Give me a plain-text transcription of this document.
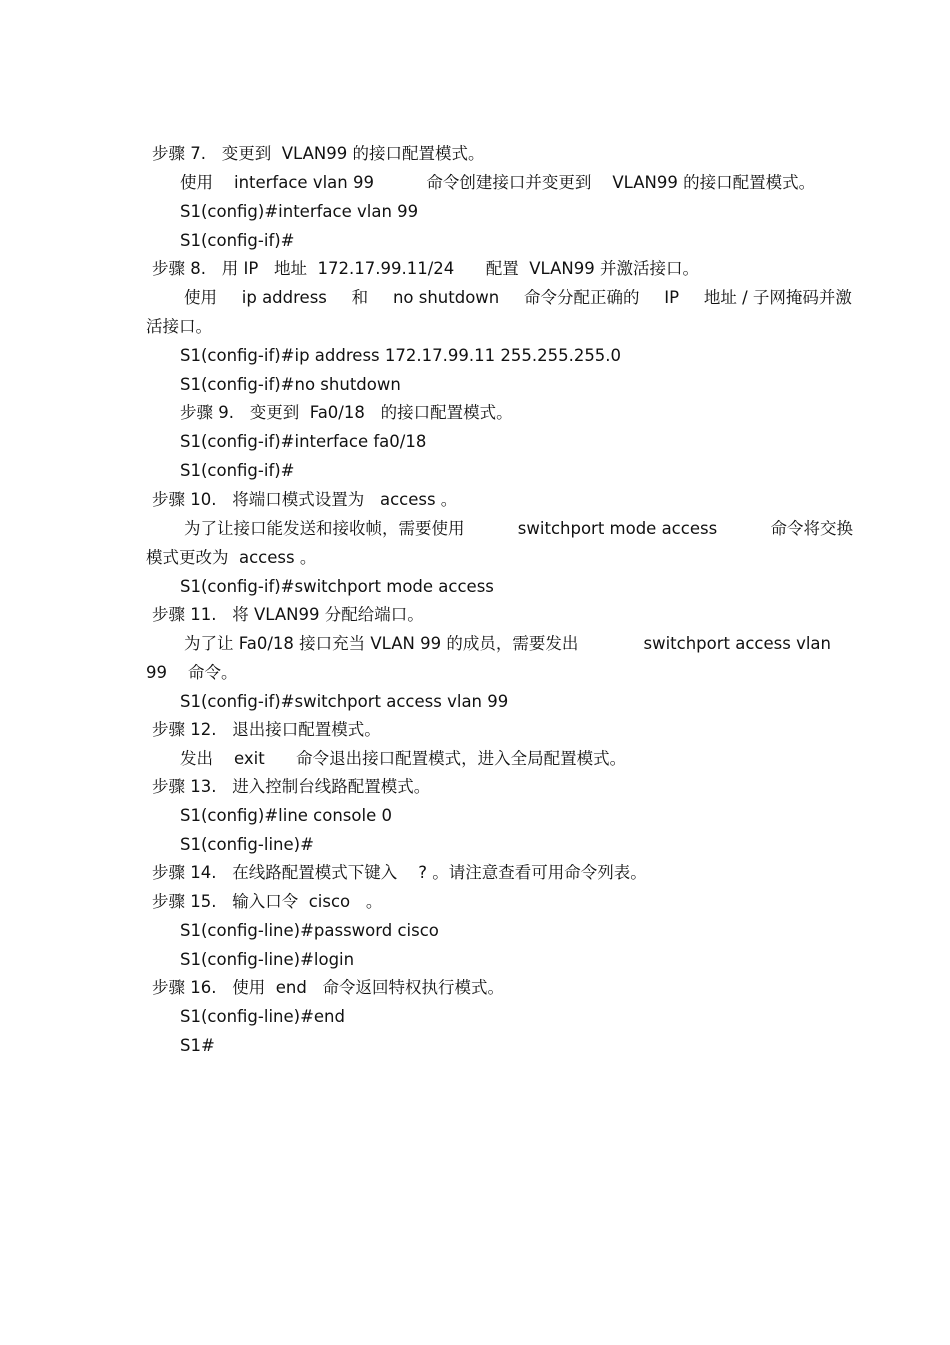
步骤 7.   变更到  VLAN99 的接口配置模式。
使用    interface vlan 99          命令创建接口并变更到    VLAN99 的接口配置模式。
S1(config)#interface vlan 99
S1(config-if)#
步骤 8.   用 IP   地址  172.17.99.11/24      配置  VLAN99 并激活接口。
使用 ip address 和 no shutdown 命令分配正确的 IP 地址 / 子网掩码并激
活接口。
S1(config-if)#ip address 172.17.99.11 255.255.255.0
S1(config-if)#no shutdown
步骤 9.   变更到  Fa0/18   的接口配置模式。
S1(config-if)#interface fa0/18
S1(config-if)#
步骤 10.   将端口模式设置为   access 。
为了让接口能发送和接收帧，需要使用	switchport mode access	命令将交换
模式更改为  access 。
S1(config-if)#switchport mode access
步骤 11.   将 VLAN99 分配给端口。
为了让 Fa0/18 接口充当 VLAN 99 的成员，需要发出	switchport access vlan
99    命令。
S1(config-if)#switchport access vlan 99
步骤 12.   退出接口配置模式。
发出    exit      命令退出接口配置模式，进入全局配置模式。
步骤 13.   进入控制台线路配置模式。
S1(config)#line console 0
S1(config-line)#
步骤 14.   在线路配置模式下键入    ? 。请注意查看可用命令列表。
步骤 15.   输入口令  cisco   。
S1(config-line)#password cisco
S1(config-line)#login
步骤 16.   使用  end   命令返回特权执行模式。
S1(config-line)#end
S1#
